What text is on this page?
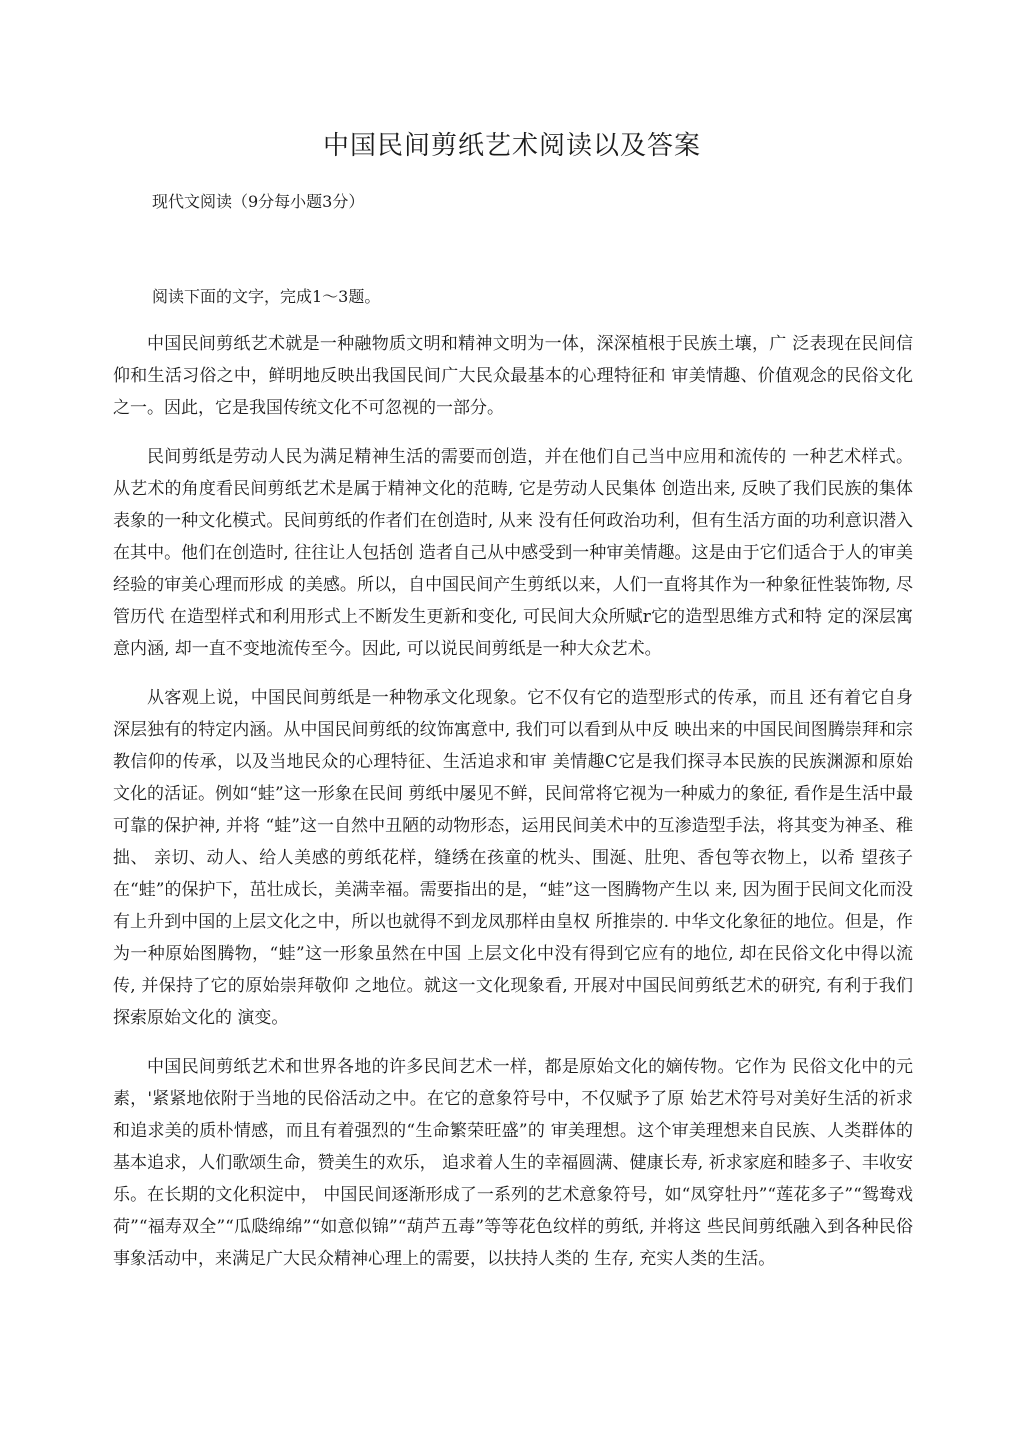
中国民间剪纸艺术阅读以及答案

现代文阅读（9分每小题3分）

阅读下面的文字，完成1～3题。

中国民间剪纸艺术就是一种融物质文明和精神文明为一体，深深植根于民族土壤，广 泛表现在民间信仰和生活习俗之中，鲜明地反映出我国民间广大民众最基本的心理特征和 审美情趣、价值观念的民俗文化之一。因此，它是我国传统文化不可忽视的一部分。

民间剪纸是劳动人民为满足精神生活的需要而创造，并在他们自己当中应用和流传的 一种艺术样式。从艺术的角度看民间剪纸艺术是属于精神文化的范畴, 它是劳动人民集体 创造出来, 反映了我们民族的集体表象的一种文化模式。民间剪纸的作者们在创造时, 从来 没有任何政治功利，但有生活方面的功利意识潜入在其中。他们在创造时, 往往让人包括创 造者自己从中感受到一种审美情趣。这是由于它们适合于人的审美经验的审美心理而形成 的美感。所以，自中国民间产生剪纸以来，人们一直将其作为一种象征性装饰物, 尽管历代 在造型样式和利用形式上不断发生更新和变化, 可民间大众所赋r它的造型思维方式和特 定的深层寓意内涵, 却一直不变地流传至今。因此, 可以说民间剪纸是一种大众艺术。

从客观上说，中国民间剪纸是一种物承文化现象。它不仅有它的造型形式的传承，而且 还有着它自身深层独有的特定内涵。从中国民间剪纸的纹饰寓意中, 我们可以看到从中反 映出来的中国民间图腾崇拜和宗教信仰的传承，以及当地民众的心理特征、生活追求和审 美情趣C它是我们探寻本民族的民族渊源和原始文化的活证。例如“蛙”这一形象在民间 剪纸中屡见不鲜，民间常将它视为一种威力的象征, 看作是生活中最可靠的保护神, 并将 “蛙”这一自然中丑陋的动物形态，运用民间美术中的互渗造型手法，将其变为神圣、稚拙、 亲切、动人、给人美感的剪纸花样，缝绣在孩童的枕头、围涎、肚兜、香包等衣物上，以希 望孩子在“蛙”的保护下，茁壮成长，美满幸福。需要指出的是，“蛙”这一图腾物产生以 来, 因为囿于民间文化而没有上升到中国的上层文化之中，所以也就得不到龙凤那样由皇权 所推崇的. 中华文化象征的地位。但是，作为一种原始图腾物，“蛙”这一形象虽然在中国 上层文化中没有得到它应有的地位, 却在民俗文化中得以流传, 并保持了它的原始崇拜敬仰 之地位。就这一文化现象看, 开展对中国民间剪纸艺术的研究, 有利于我们探索原始文化的 演变。

中国民间剪纸艺术和世界各地的许多民间艺术一样，都是原始文化的嫡传物。它作为 民俗文化中的元素，'紧紧地依附于当地的民俗活动之中。在它的意象符号中，不仅赋予了原 始艺术符号对美好生活的祈求和追求美的质朴情感，而且有着强烈的“生命繁荣旺盛”的 审美理想。这个审美理想来自民族、人类群体的基本追求，人们歌颂生命，赞美生的欢乐， 追求着人生的幸福圆满、健康长寿, 祈求家庭和睦多子、丰收安乐。在长期的文化积淀中， 中国民间逐渐形成了一系列的艺术意象符号，如“凤穿牡丹”“莲花多子”“鸳鸯戏 荷”“福寿双全”“瓜瓞绵绵”“如意似锦”“葫芦五毒”等等花色纹样的剪纸, 并将这 些民间剪纸融入到各种民俗事象活动中，来满足广大民众精神心理上的需要，以扶持人类的 生存, 充实人类的生活。
